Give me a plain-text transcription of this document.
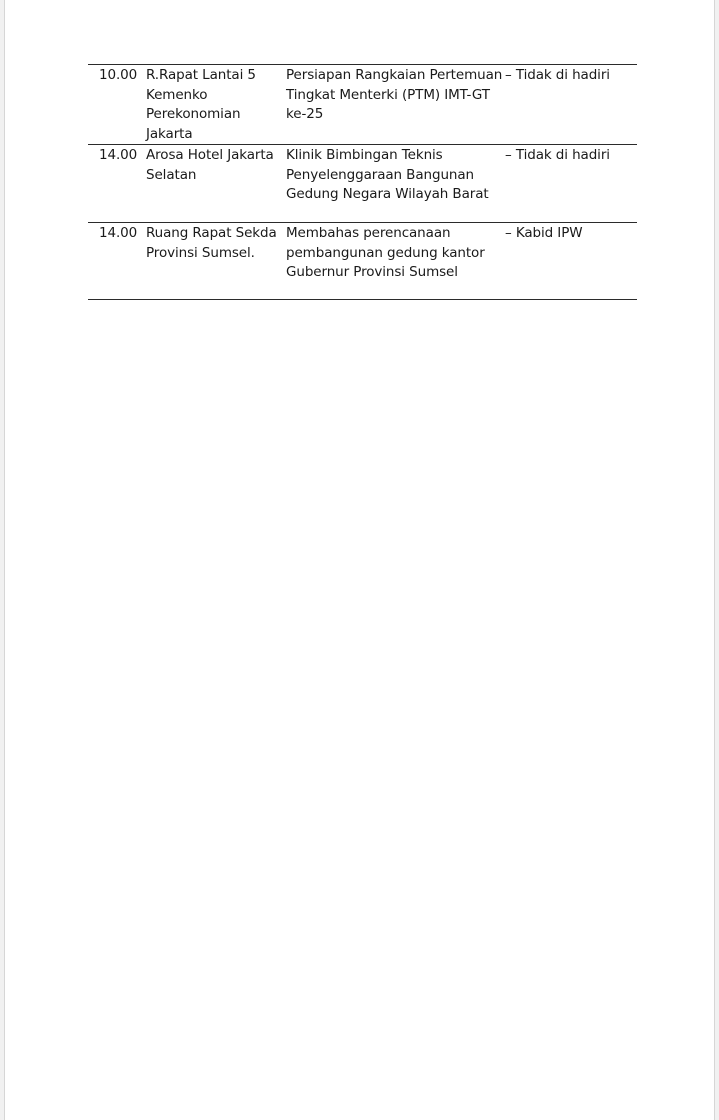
10.00 R.Rapat Lantai 5
Kemenko
Perekonomian
Jakarta
Persiapan Rangkaian Pertemuan
Tingkat Menterki (PTM) IMT-GT
ke-25
– Tidak di hadiri
14.00 Arosa Hotel Jakarta
Selatan
Klinik Bimbingan Teknis
Penyelenggaraan Bangunan
Gedung Negara Wilayah Barat
– Tidak di hadiri
14.00 Ruang Rapat Sekda
Provinsi Sumsel.
Membahas perencanaan
pembangunan gedung kantor
Gubernur Provinsi Sumsel
– Kabid IPW
